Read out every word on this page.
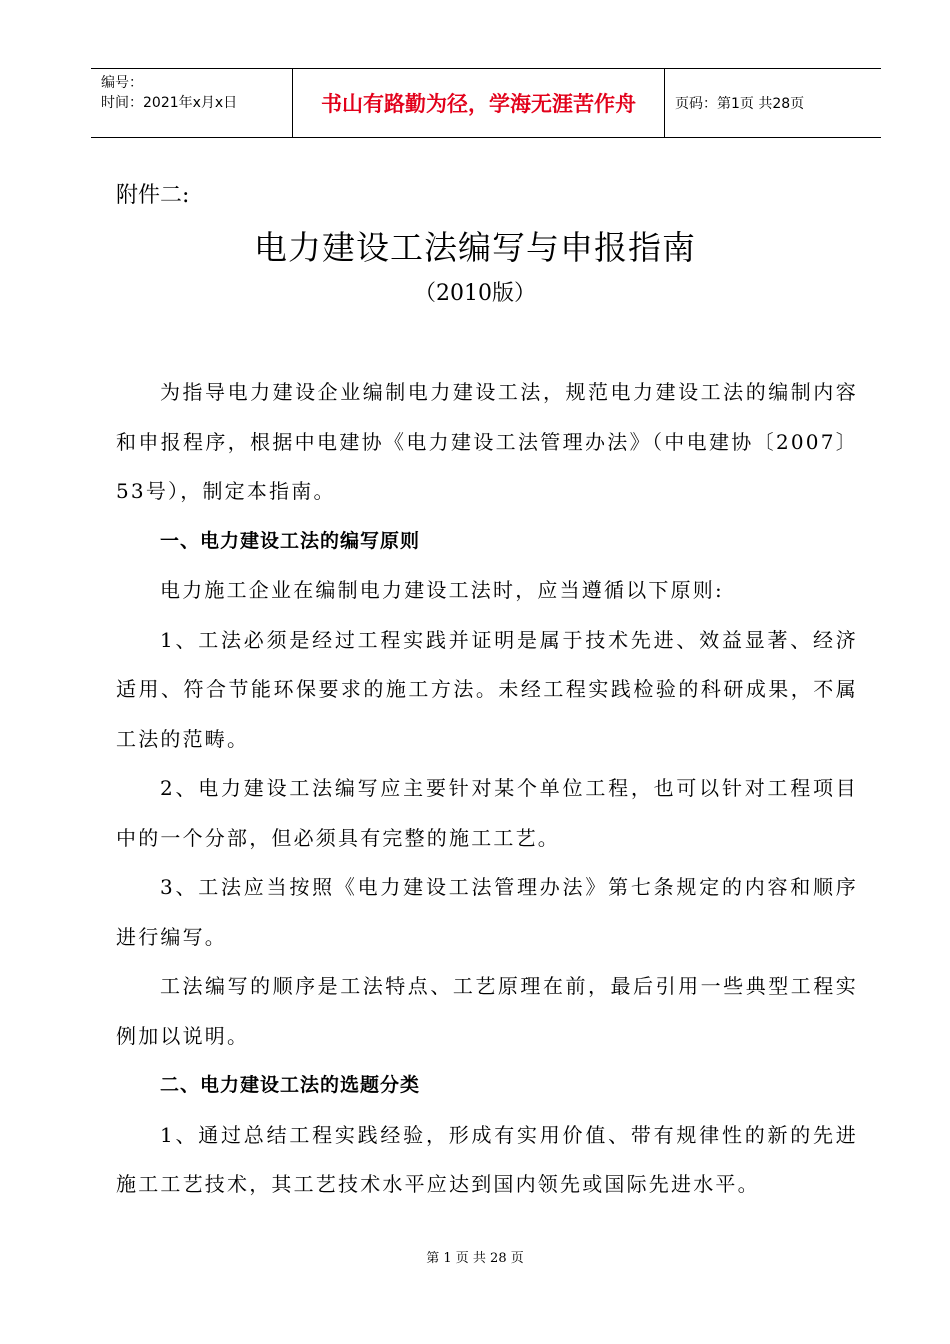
编号：
时间：2021年x月x日	书山有路勤为径，学海无涯苦作舟	页码：第1页 共28页
附件二:
电力建设工法编写与申报指南
（2010版）

为指导电力建设企业编制电力建设工法，规范电力建设工法的编制内容和申报程序，根据中电建协《电力建设工法管理办法》（中电建协〔2007〕53号），制定本指南。

一、电力建设工法的编写原则

电力施工企业在编制电力建设工法时，应当遵循以下原则:

1、工法必须是经过工程实践并证明是属于技术先进、效益显著、经济适用、符合节能环保要求的施工方法。未经工程实践检验的科研成果，不属工法的范畴。

2、电力建设工法编写应主要针对某个单位工程，也可以针对工程项目中的一个分部，但必须具有完整的施工工艺。

3、工法应当按照《电力建设工法管理办法》第七条规定的内容和顺序进行编写。

工法编写的顺序是工法特点、工艺原理在前，最后引用一些典型工程实例加以说明。

二、电力建设工法的选题分类

1、通过总结工程实践经验，形成有实用价值、带有规律性的新的先进施工工艺技术，其工艺技术水平应达到国内领先或国际先进水平。

第 1 页 共 28 页
